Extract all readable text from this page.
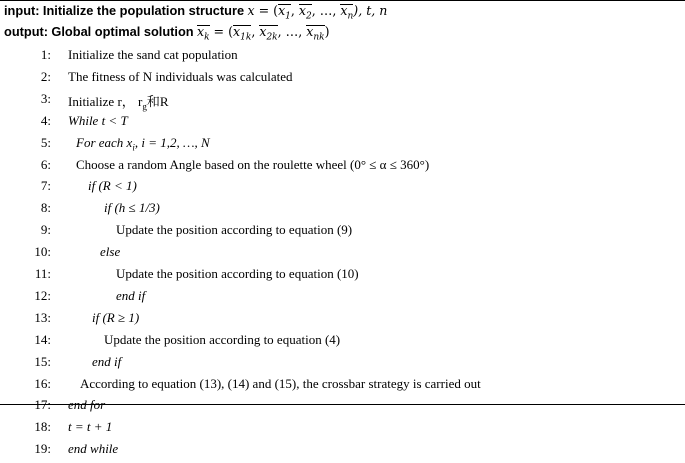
input: Initialize the population structure → $x = (x_1$, $x_2$, …, $x_n$), t, n
output: Global optimal solution $x_k = (x_{1k}$, $x_{2k}$, …, $x_{nk}$)
1: Initialize the sand cat population
2: The fitness of N individuals was calculated
3: Initialize r， $r_g$和R
4: While t < T
5: For each $x_i$, i = 1,2, …, N
6: Choose a random Angle based on the roulette wheel (0° ≤ α ≤ 360°)
7:	if (R < 1)
8:	if (h ≤ 1/3)
9:	Update the position according to equation (9)
10:	else
11:	Update the position according to equation (10)
12:	end if
13:	if (R ≥ 1)
14:	Update the position according to equation (4)
15:	end if
16: According to equation (13), (14) and (15), the crossbar strategy is carried out
17: end for
18: t = t + 1
19: end while
